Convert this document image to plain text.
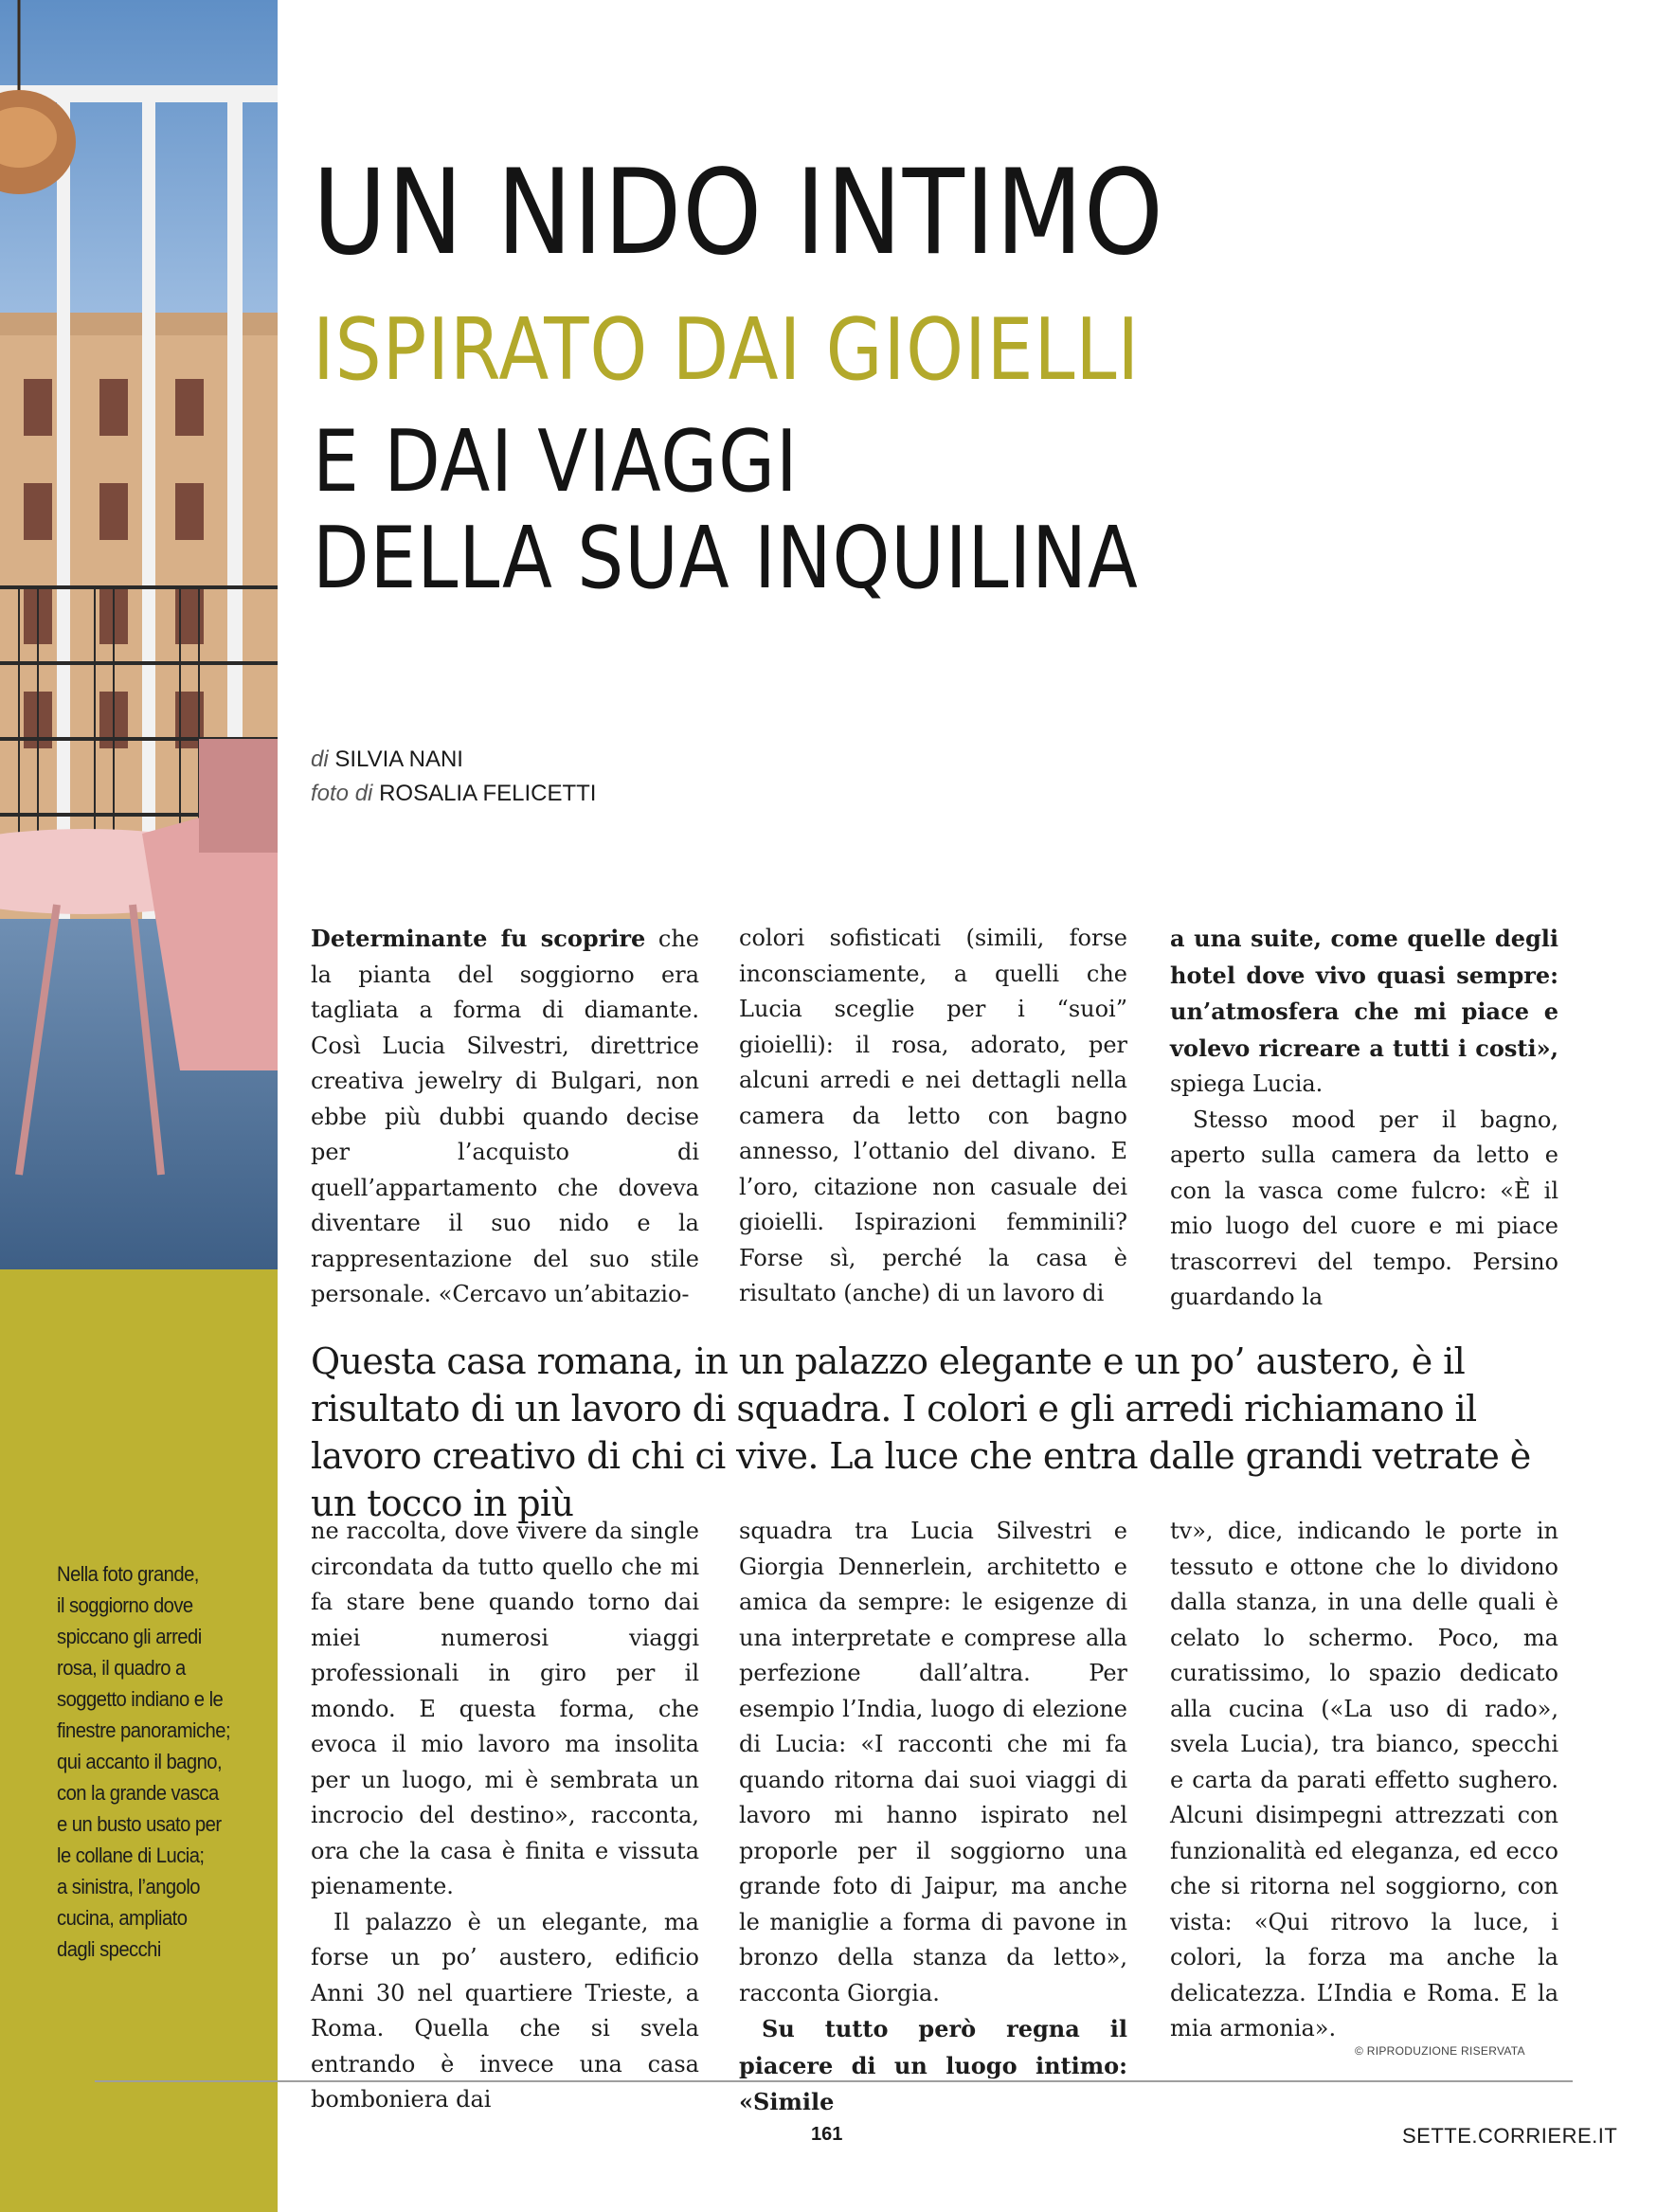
Nella foto grande,
il soggiorno dove
spiccano gli arredi
rosa, il quadro a
soggetto indiano e le
finestre panoramiche;
qui accanto il bagno,
con la grande vasca
e un busto usato per
le collane di Lucia;
a sinistra, l’angolo
cucina, ampliato
dagli specchi
UN NIDO INTIMO
ISPIRATO DAI GIOIELLI
E DAI VIAGGI
DELLA SUA INQUILINA
di SILVIA NANI
foto di ROSALIA FELICETTI

Determinante fu scoprire che la pianta del soggiorno era tagliata a forma di diamante. Così Lucia Silvestri, direttrice creativa jewelry di Bulgari, non ebbe più dubbi quando decise per l’acquisto di quell’appartamento che doveva diventare il suo nido e la rappresentazione del suo stile personale. «Cercavo un’abitazio-

colori sofisticati (simili, forse inconsciamente, a quelli che Lucia sceglie per i “suoi” gioielli): il rosa, adorato, per alcuni arredi e nei dettagli nella camera da letto con bagno annesso, l’ottanio del divano. E l’oro, citazione non casuale dei gioielli. Ispirazioni femminili? Forse sì, perché la casa è risultato (anche) di un lavoro di

a una suite, come quelle degli hotel dove vivo quasi sempre: un’atmosfera che mi piace e volevo ricreare a tutti i costi», spiega Lucia.

Stesso mood per il bagno, aperto sulla camera da letto e con la vasca come fulcro: «È il mio luogo del cuore e mi piace trascorrevi del tempo. Persino guardando la

Questa casa romana, in un palazzo elegante e un po’ austero, è il risultato di un lavoro di squadra. I colori e gli arredi richiamano il lavoro creativo di chi ci vive. La luce che entra dalle grandi vetrate è un tocco in più

ne raccolta, dove vivere da single circondata da tutto quello che mi fa stare bene quando torno dai miei numerosi viaggi professionali in giro per il mondo. E questa forma, che evoca il mio lavoro ma insolita per un luogo, mi è sembrata un incrocio del destino», racconta, ora che la casa è finita e vissuta pienamente.

Il palazzo è un elegante, ma forse un po’ austero, edificio Anni 30 nel quartiere Trieste, a Roma. Quella che si svela entrando è invece una casa bomboniera dai

squadra tra Lucia Silvestri e Giorgia Dennerlein, architetto e amica da sempre: le esigenze di una interpretate e comprese alla perfezione dall’altra. Per esempio l’India, luogo di elezione di Lucia: «I racconti che mi fa quando ritorna dai suoi viaggi di lavoro mi hanno ispirato nel proporle per il soggiorno una grande foto di Jaipur, ma anche le maniglie a forma di pavone in bronzo della stanza da letto», racconta Giorgia.

Su tutto però regna il piacere di un luogo intimo: «Simile

tv», dice, indicando le porte in tessuto e ottone che lo dividono dalla stanza, in una delle quali è celato lo schermo. Poco, ma curatissimo, lo spazio dedicato alla cucina («La uso di rado», svela Lucia), tra bianco, specchi e carta da parati effetto sughero. Alcuni disimpegni attrezzati con funzionalità ed eleganza, ed ecco che si ritorna nel soggiorno, con vista: «Qui ritrovo la luce, i colori, la forza ma anche la delicatezza. L’India e Roma. E la mia armonia».

© RIPRODUZIONE RISERVATA
161	SETTE.CORRIERE.IT
